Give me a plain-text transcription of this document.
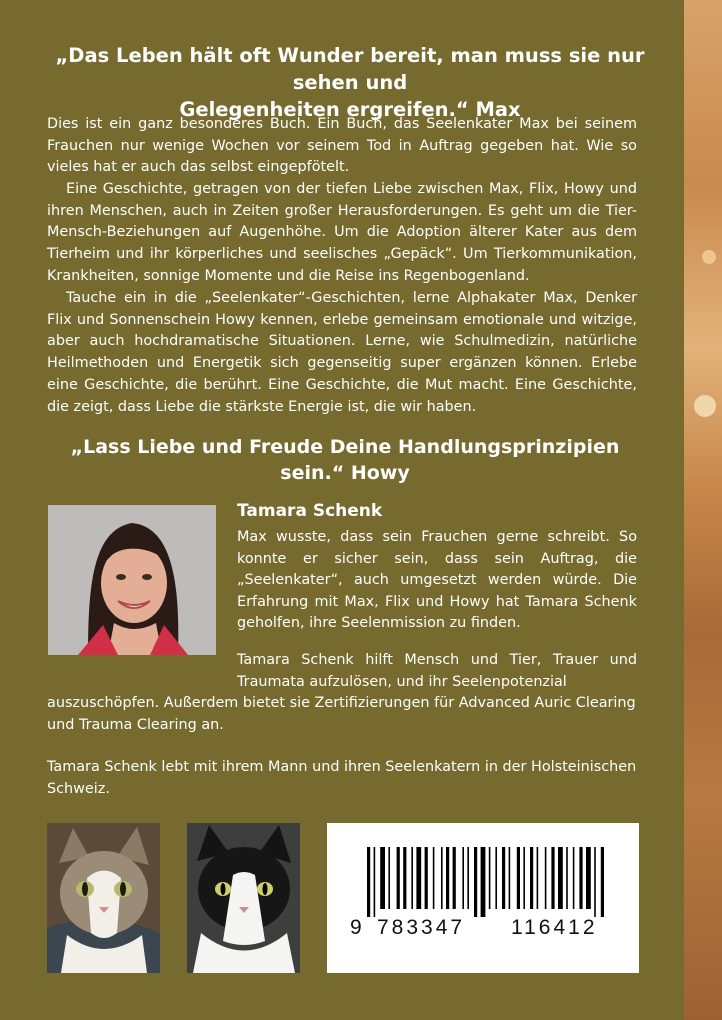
„Das Leben hält oft Wunder bereit, man muss sie nur sehen und
Gelegenheiten ergreifen.“ Max

Dies ist ein ganz besonderes Buch. Ein Buch, das Seelenkater Max bei seinem Frauchen nur wenige Wochen vor seinem Tod in Auftrag gegeben hat. Wie so vieles hat er auch das selbst eingepfötelt.

Eine Geschichte, getragen von der tiefen Liebe zwischen Max, Flix, Howy und ihren Menschen, auch in Zeiten großer Herausforderungen. Es geht um die Tier-Mensch-Beziehungen auf Augenhöhe. Um die Adoption älterer Kater aus dem Tierheim und ihr körperliches und seelisches „Gepäck“. Um Tierkommunikation, Krankheiten, sonnige Momente und die Reise ins Regenbogenland.

Tauche ein in die „Seelenkater“-Geschichten, lerne Alphakater Max, Denker Flix und Sonnenschein Howy kennen, erlebe gemeinsam emotionale und witzige, aber auch hochdramatische Situationen. Lerne, wie Schulmedizin, natürliche Heilmethoden und Energetik sich gegenseitig super ergänzen können. Erlebe eine Geschichte, die berührt. Eine Geschichte, die Mut macht. Eine Geschichte, die zeigt, dass Liebe die stärkste Energie ist, die wir haben.

„Lass Liebe und Freude Deine Handlungsprinzipien sein.“ Howy

Tamara Schenk

Max wusste, dass sein Frauchen gerne schreibt. So konnte er sicher sein, dass sein Auftrag, die „Seelenkater“, auch umgesetzt werden würde. Die Erfahrung mit Max, Flix und Howy hat Tamara Schenk geholfen, ihre Seelenmission zu finden.

Tamara Schenk hilft Mensch und Tier, Trauer und Traumata aufzulösen, und ihr Seelenpotenzial

auszuschöpfen. Außerdem bietet sie Zertifizierungen für Advanced Auric Clearing und Trauma Clearing an.

Tamara Schenk lebt mit ihrem Mann und ihren Seelenkatern in der Holsteinischen Schweiz.

9 783347 116412
